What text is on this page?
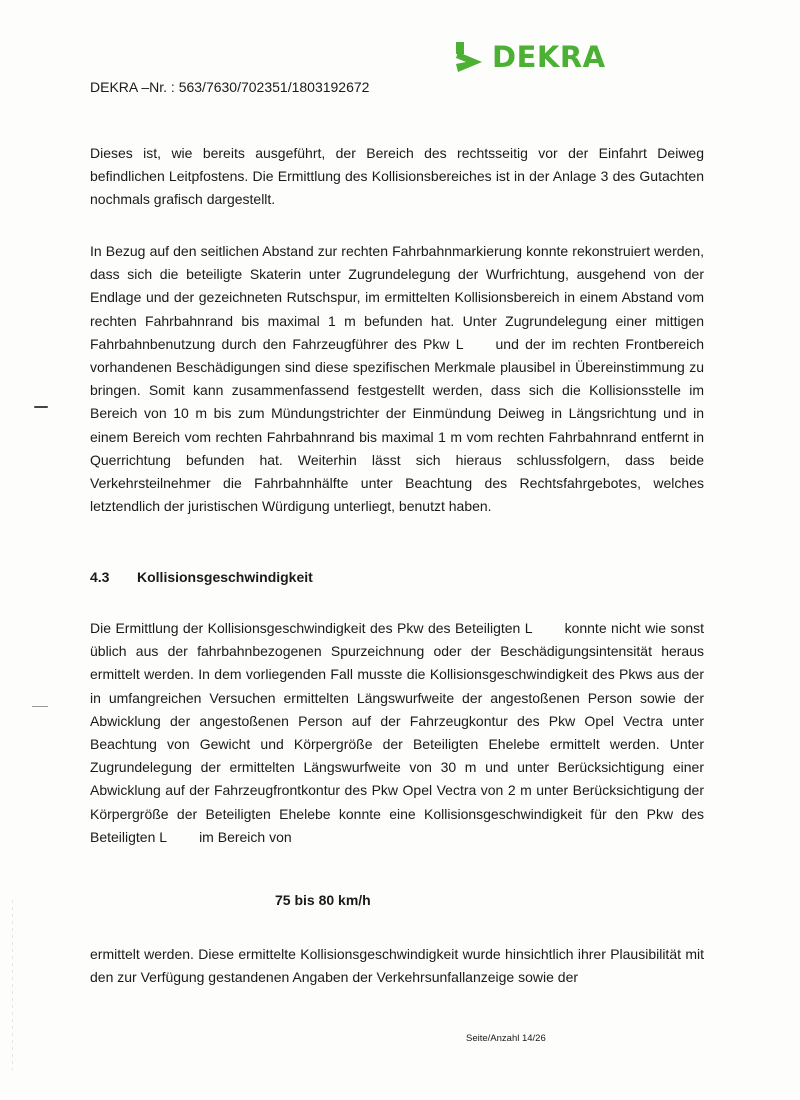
DEKRA
DEKRA –Nr. : 563/7630/702351/1803192672

Dieses ist, wie bereits ausgeführt, der Bereich des rechtsseitig vor der Einfahrt Deiweg befindlichen Leitpfostens. Die Ermittlung des Kollisionsbereiches ist in der Anlage 3 des Gutachten nochmals grafisch dargestellt.

In Bezug auf den seitlichen Abstand zur rechten Fahrbahnmarkierung konnte rekonstruiert werden, dass sich die beteiligte Skaterin unter Zugrundelegung der Wurfrichtung, ausgehend von der Endlage und der gezeichneten Rutschspur, im ermittelten Kollisionsbereich in einem Abstand vom rechten Fahrbahnrand bis maximal 1 m befunden hat. Unter Zugrundelegung einer mittigen Fahrbahnbenutzung durch den Fahrzeugführer des Pkw L und der im rechten Frontbereich vorhandenen Beschädigungen sind diese spezifischen Merkmale plausibel in Übereinstimmung zu bringen. Somit kann zusammenfassend festgestellt werden, dass sich die Kollisionsstelle im Bereich von 10 m bis zum Mündungstrichter der Einmündung Deiweg in Längsrichtung und in einem Bereich vom rechten Fahrbahnrand bis maximal 1 m vom rechten Fahrbahnrand entfernt in Querrichtung befunden hat. Weiterhin lässt sich hieraus schlussfolgern, dass beide Verkehrsteilnehmer die Fahrbahnhälfte unter Beachtung des Rechtsfahrgebotes, welches letztendlich der juristischen Würdigung unterliegt, benutzt haben.

4.3 Kollisionsgeschwindigkeit

Die Ermittlung der Kollisionsgeschwindigkeit des Pkw des Beteiligten L konnte nicht wie sonst üblich aus der fahrbahnbezogenen Spurzeichnung oder der Beschädigungsintensität heraus ermittelt werden. In dem vorliegenden Fall musste die Kollisionsgeschwindigkeit des Pkws aus der in umfangreichen Versuchen ermittelten Längswurfweite der angestoßenen Person sowie der Abwicklung der angestoßenen Person auf der Fahrzeugkontur des Pkw Opel Vectra unter Beachtung von Gewicht und Körpergröße der Beteiligten Ehelebe ermittelt werden. Unter Zugrundelegung der ermittelten Längswurfweite von 30 m und unter Berücksichtigung einer Abwicklung auf der Fahrzeugfrontkontur des Pkw Opel Vectra von 2 m unter Berücksichtigung der Körpergröße der Beteiligten Ehelebe konnte eine Kollisionsgeschwindigkeit für den Pkw des Beteiligten L im Bereich von

75 bis 80 km/h

ermittelt werden. Diese ermittelte Kollisionsgeschwindigkeit wurde hinsichtlich ihrer Plausibilität mit den zur Verfügung gestandenen Angaben der Verkehrsunfallanzeige sowie der

Seite/Anzahl 14/26
